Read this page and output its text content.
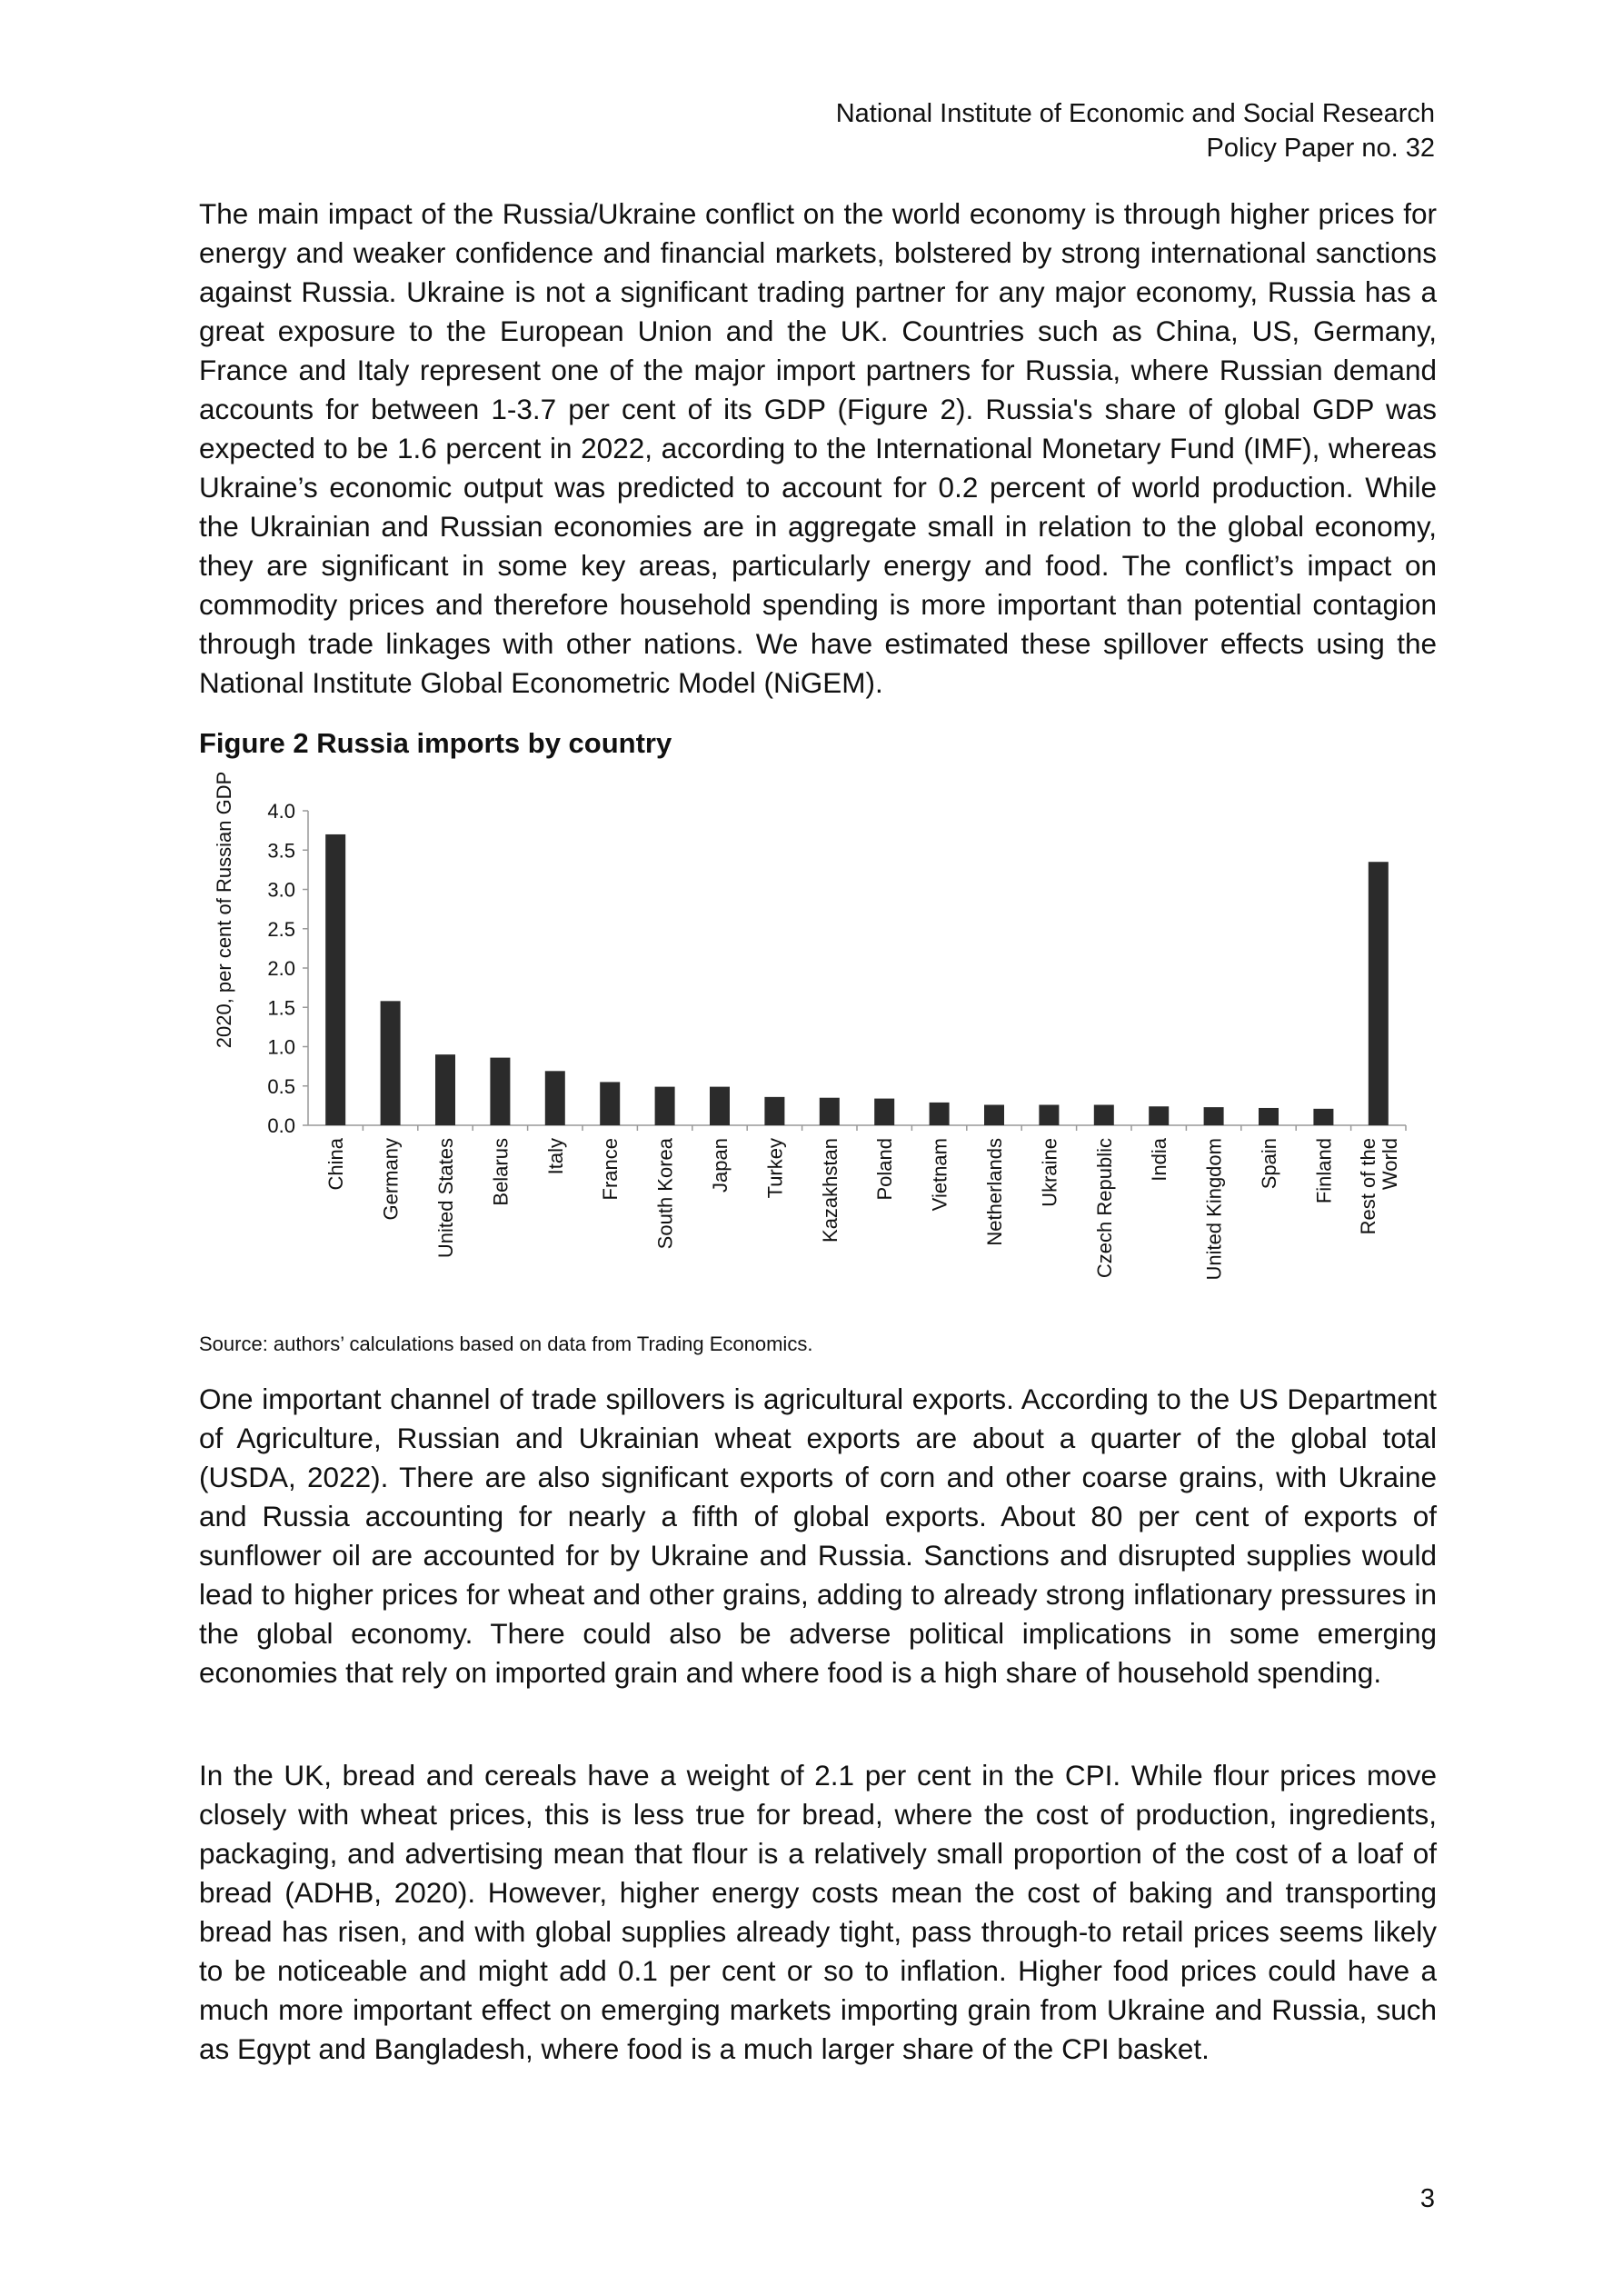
National Institute of Economic and Social Research
Policy Paper no. 32

The main impact of the Russia/Ukraine conflict on the world economy is through higher prices for energy and weaker confidence and financial markets, bolstered by strong international sanctions against Russia. Ukraine is not a significant trading partner for any major economy, Russia has a great exposure to the European Union and the UK. Countries such as China, US, Germany, France and Italy represent one of the major import partners for Russia, where Russian demand accounts for between 1-3.7 per cent of its GDP (Figure 2). Russia's share of global GDP was expected to be 1.6 percent in 2022, according to the International Monetary Fund (IMF), whereas Ukraine’s economic output was predicted to account for 0.2 percent of world production. While the Ukrainian and Russian economies are in aggregate small in relation to the global economy, they are significant in some key areas, particularly energy and food. The conflict’s impact on commodity prices and therefore household spending is more important than potential contagion through trade linkages with other nations. We have estimated these spillover effects using the National Institute Global Econometric Model (NiGEM).

Figure 2 Russia imports by country
0.0
0.5
1.0
1.5
2.0
2.5
3.0
3.5
4.0
China Germany United States Belarus Italy France South Korea Japan Turkey Kazakhstan Poland Vietnam Netherlands Ukraine Czech Republic India United Kingdom Spain Finland Rest of the World
2020, per cent of Russian GDP
Source: authors’ calculations based on data from Trading Economics.

One important channel of trade spillovers is agricultural exports. According to the US Department of Agriculture, Russian and Ukrainian wheat exports are about a quarter of the global total (USDA, 2022). There are also significant exports of corn and other coarse grains, with Ukraine and Russia accounting for nearly a fifth of global exports. About 80 per cent of exports of sunflower oil are accounted for by Ukraine and Russia. Sanctions and disrupted supplies would lead to higher prices for wheat and other grains, adding to already strong inflationary pressures in the global economy. There could also be adverse political implications in some emerging economies that rely on imported grain and where food is a high share of household spending.

In the UK, bread and cereals have a weight of 2.1 per cent in the CPI. While flour prices move closely with wheat prices, this is less true for bread, where the cost of production, ingredients, packaging, and advertising mean that flour is a relatively small proportion of the cost of a loaf of bread (ADHB, 2020). However, higher energy costs mean the cost of baking and transporting bread has risen, and with global supplies already tight, pass through-to retail prices seems likely to be noticeable and might add 0.1 per cent or so to inflation. Higher food prices could have a much more important effect on emerging markets importing grain from Ukraine and Russia, such as Egypt and Bangladesh, where food is a much larger share of the CPI basket.

3
